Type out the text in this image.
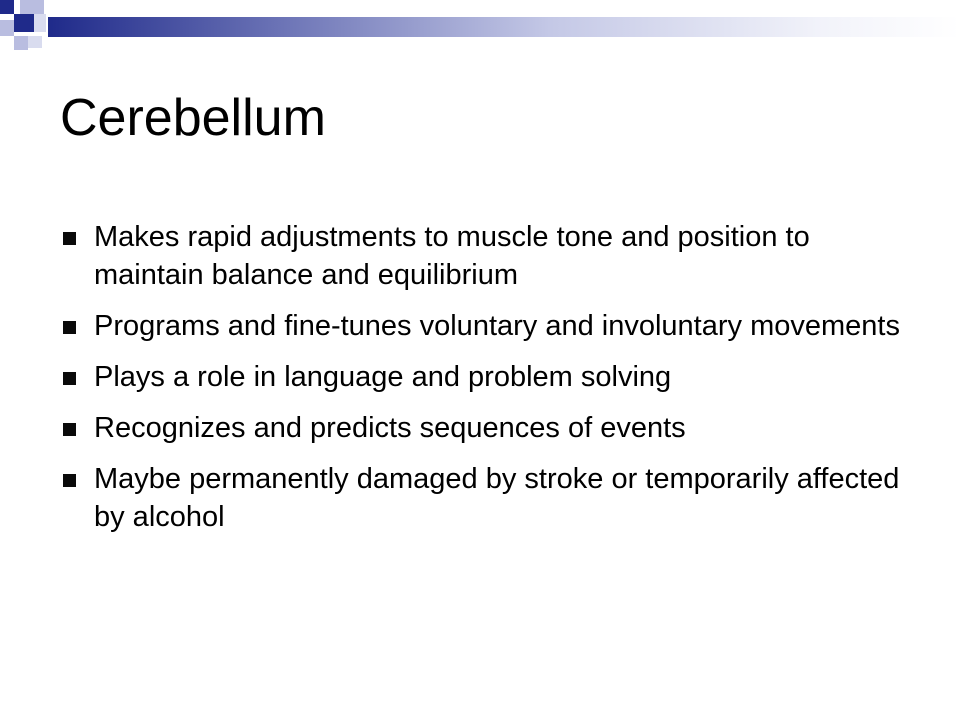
Cerebellum
Makes rapid adjustments to muscle tone and position to maintain balance and equilibrium
Programs and fine-tunes voluntary and involuntary movements
Plays a role in language and problem solving
Recognizes and predicts sequences of events
Maybe permanently damaged by stroke or temporarily affected by alcohol
